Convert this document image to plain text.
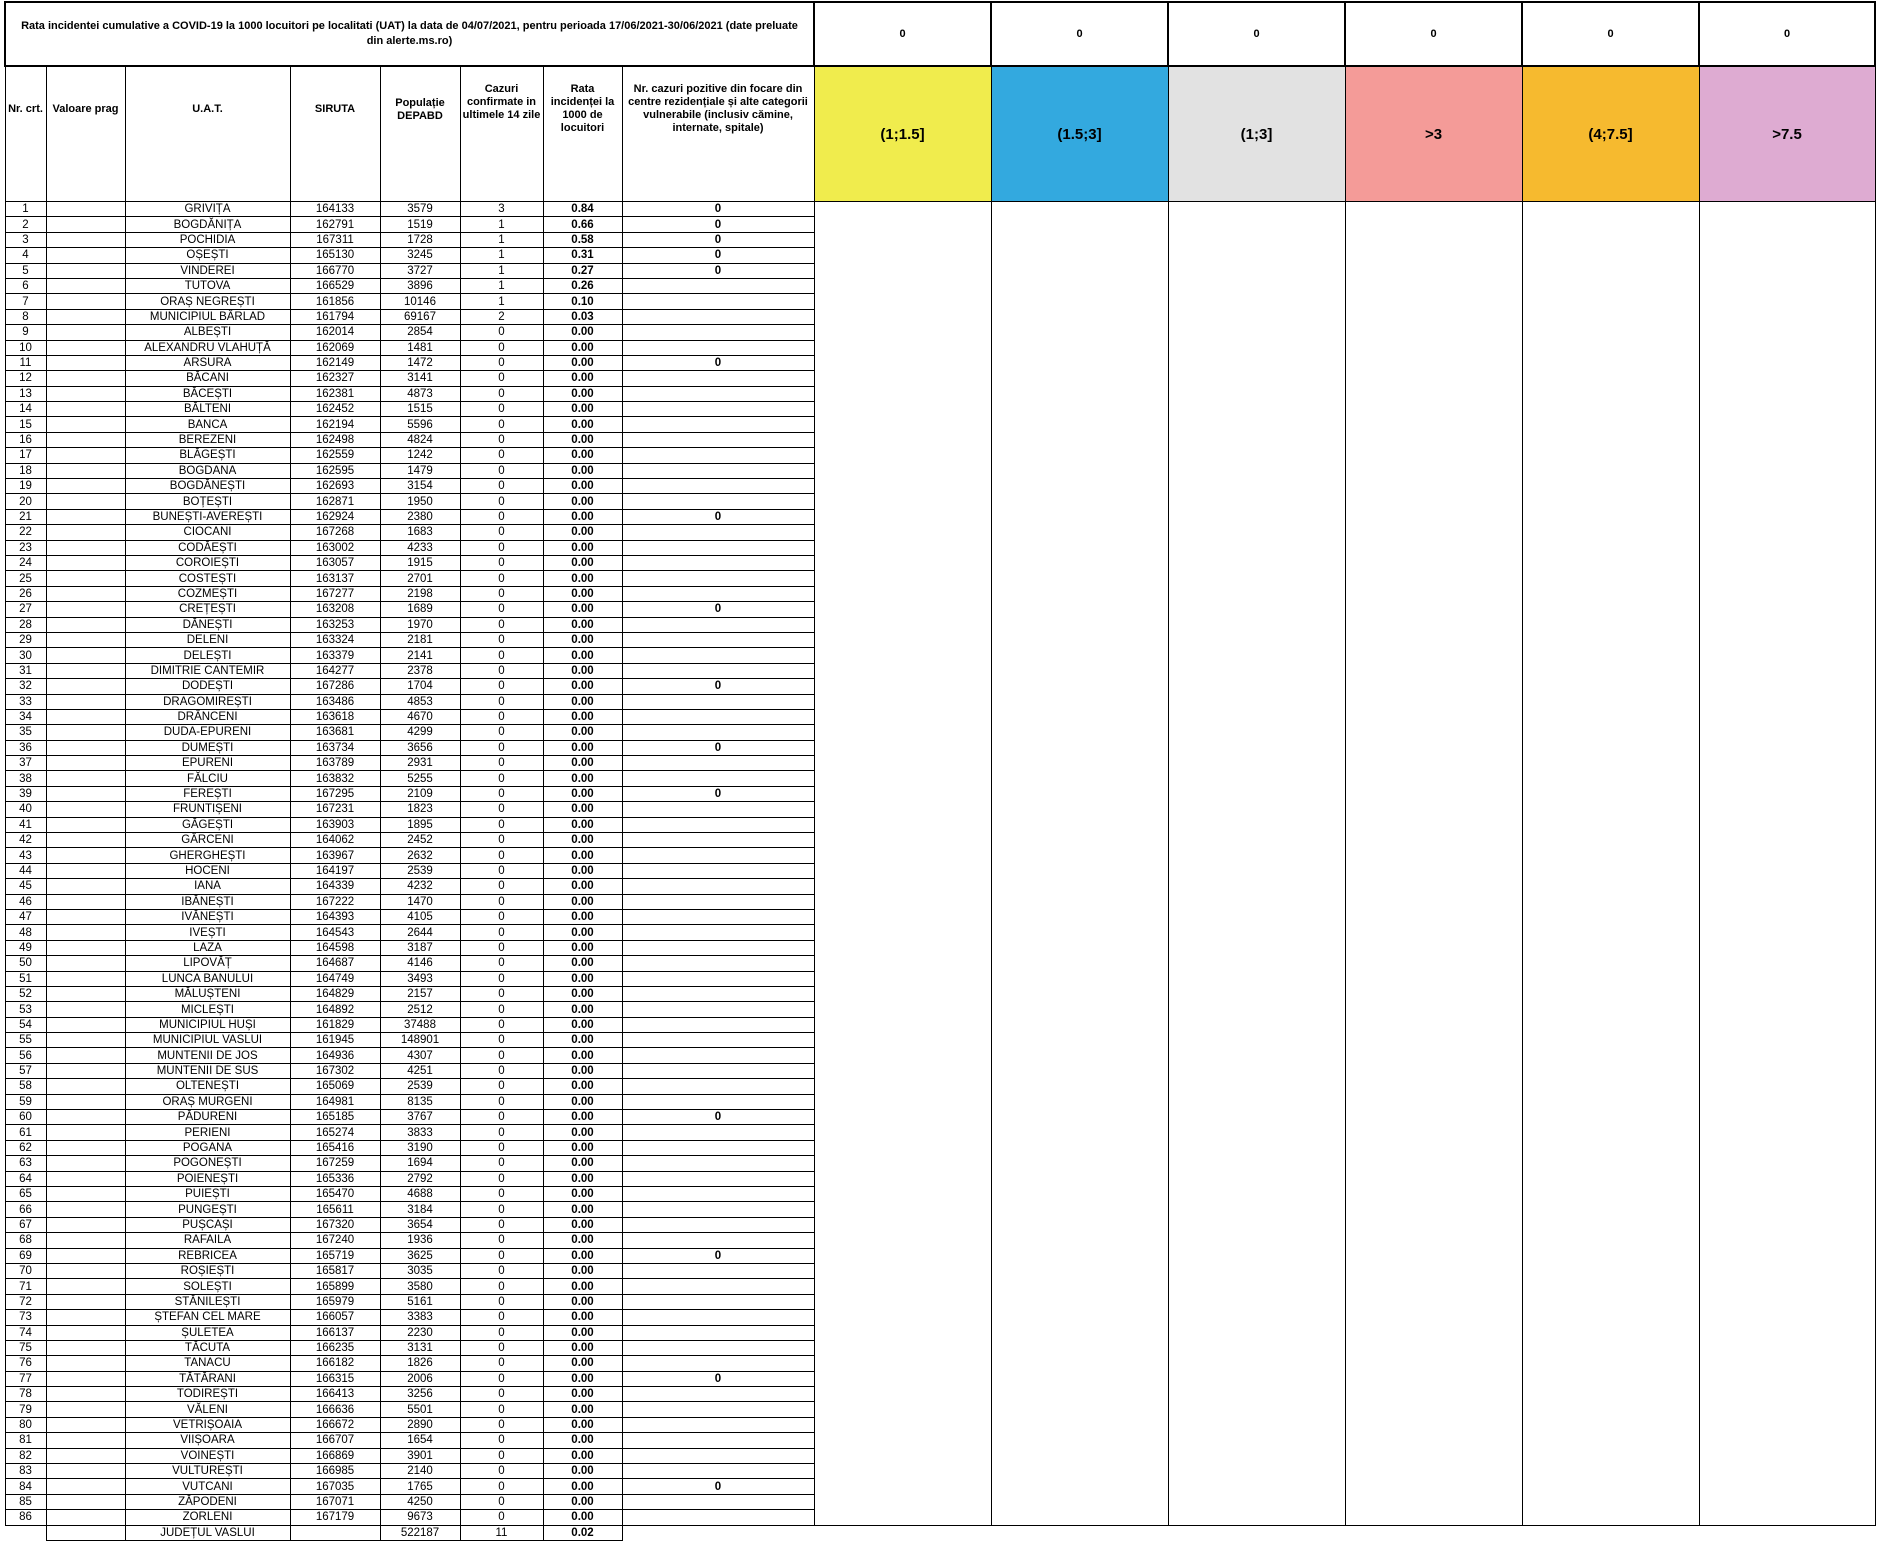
Rata incidentei cumulative a COVID-19 la 1000 locuitori pe localitati (UAT) la data de 04/07/2021, pentru perioada 17/06/2021-30/06/2021 (date preluate din alerte.ms.ro)								0	0	0	0	0	0
Nr. crt.	Valoare prag	U.A.T.	SIRUTA	Populație DEPABD	Cazuri confirmate in ultimele 14 zile	Rata incidenței la 1000 de locuitori	Nr. cazuri pozitive din focare din centre rezidențiale și alte categorii vulnerabile (inclusiv cămine, internate, spitale)	(1;1.5]	(1.5;3]	(1;3]	>3	(4;7.5]	>7.5
1		GRIVIȚA	164133	3579	3	0.84	0						
2		BOGDĂNIȚA	162791	1519	1	0.66	0						
3		POCHIDIA	167311	1728	1	0.58	0						
4		OȘEȘTI	165130	3245	1	0.31	0						
5		VINDEREI	166770	3727	1	0.27	0						
6		TUTOVA	166529	3896	1	0.26							
7		ORAȘ NEGREȘTI	161856	10146	1	0.10							
8		MUNICIPIUL BÂRLAD	161794	69167	2	0.03							
9		ALBEȘTI	162014	2854	0	0.00							
10		ALEXANDRU VLAHUȚĂ	162069	1481	0	0.00							
11		ARSURA	162149	1472	0	0.00	0						
12		BĂCANI	162327	3141	0	0.00							
13		BĂCEȘTI	162381	4873	0	0.00							
14		BĂLTENI	162452	1515	0	0.00							
15		BANCA	162194	5596	0	0.00							
16		BEREZENI	162498	4824	0	0.00							
17		BLĂGEȘTI	162559	1242	0	0.00							
18		BOGDANA	162595	1479	0	0.00							
19		BOGDĂNEȘTI	162693	3154	0	0.00							
20		BOȚEȘTI	162871	1950	0	0.00							
21		BUNEȘTI-AVEREȘTI	162924	2380	0	0.00	0						
22		CIOCANI	167268	1683	0	0.00							
23		CODĂEȘTI	163002	4233	0	0.00							
24		COROIEȘTI	163057	1915	0	0.00							
25		COSTEȘTI	163137	2701	0	0.00							
26		COZMEȘTI	167277	2198	0	0.00							
27		CREȚEȘTI	163208	1689	0	0.00	0						
28		DĂNEȘTI	163253	1970	0	0.00							
29		DELENI	163324	2181	0	0.00							
30		DELEȘTI	163379	2141	0	0.00							
31		DIMITRIE CANTEMIR	164277	2378	0	0.00							
32		DODEȘTI	167286	1704	0	0.00	0						
33		DRAGOMIREȘTI	163486	4853	0	0.00							
34		DRÂNCENI	163618	4670	0	0.00							
35		DUDA-EPURENI	163681	4299	0	0.00							
36		DUMEȘTI	163734	3656	0	0.00	0						
37		EPURENI	163789	2931	0	0.00							
38		FĂLCIU	163832	5255	0	0.00							
39		FEREȘTI	167295	2109	0	0.00	0						
40		FRUNTIȘENI	167231	1823	0	0.00							
41		GĂGEȘTI	163903	1895	0	0.00							
42		GÂRCENI	164062	2452	0	0.00							
43		GHERGHEȘTI	163967	2632	0	0.00							
44		HOCENI	164197	2539	0	0.00							
45		IANA	164339	4232	0	0.00							
46		IBĂNEȘTI	167222	1470	0	0.00							
47		IVĂNEȘTI	164393	4105	0	0.00							
48		IVEȘTI	164543	2644	0	0.00							
49		LAZA	164598	3187	0	0.00							
50		LIPOVĂȚ	164687	4146	0	0.00							
51		LUNCA BANULUI	164749	3493	0	0.00							
52		MĂLUȘTENI	164829	2157	0	0.00							
53		MICLEȘTI	164892	2512	0	0.00							
54		MUNICIPIUL HUȘI	161829	37488	0	0.00							
55		MUNICIPIUL VASLUI	161945	148901	0	0.00							
56		MUNTENII DE JOS	164936	4307	0	0.00							
57		MUNTENII DE SUS	167302	4251	0	0.00							
58		OLTENEȘTI	165069	2539	0	0.00							
59		ORAȘ MURGENI	164981	8135	0	0.00							
60		PĂDURENI	165185	3767	0	0.00	0						
61		PERIENI	165274	3833	0	0.00							
62		POGANA	165416	3190	0	0.00							
63		POGONEȘTI	167259	1694	0	0.00							
64		POIENEȘTI	165336	2792	0	0.00							
65		PUIEȘTI	165470	4688	0	0.00							
66		PUNGEȘTI	165611	3184	0	0.00							
67		PUȘCAȘI	167320	3654	0	0.00							
68		RAFAILA	167240	1936	0	0.00							
69		REBRICEA	165719	3625	0	0.00	0						
70		ROȘIEȘTI	165817	3035	0	0.00							
71		SOLEȘTI	165899	3580	0	0.00							
72		STĂNILEȘTI	165979	5161	0	0.00							
73		ȘTEFAN CEL MARE	166057	3383	0	0.00							
74		ȘULETEA	166137	2230	0	0.00							
75		TĂCUTA	166235	3131	0	0.00							
76		TANACU	166182	1826	0	0.00							
77		TĂTĂRANI	166315	2006	0	0.00	0						
78		TODIREȘTI	166413	3256	0	0.00							
79		VĂLENI	166636	5501	0	0.00							
80		VETRIȘOAIA	166672	2890	0	0.00							
81		VIIȘOARA	166707	1654	0	0.00							
82		VOINEȘTI	166869	3901	0	0.00							
83		VULTUREȘTI	166985	2140	0	0.00							
84		VUTCANI	167035	1765	0	0.00	0						
85		ZĂPODENI	167071	4250	0	0.00							
86		ZORLENI	167179	9673	0	0.00							
		JUDEȚUL VASLUI		522187	11	0.02							
